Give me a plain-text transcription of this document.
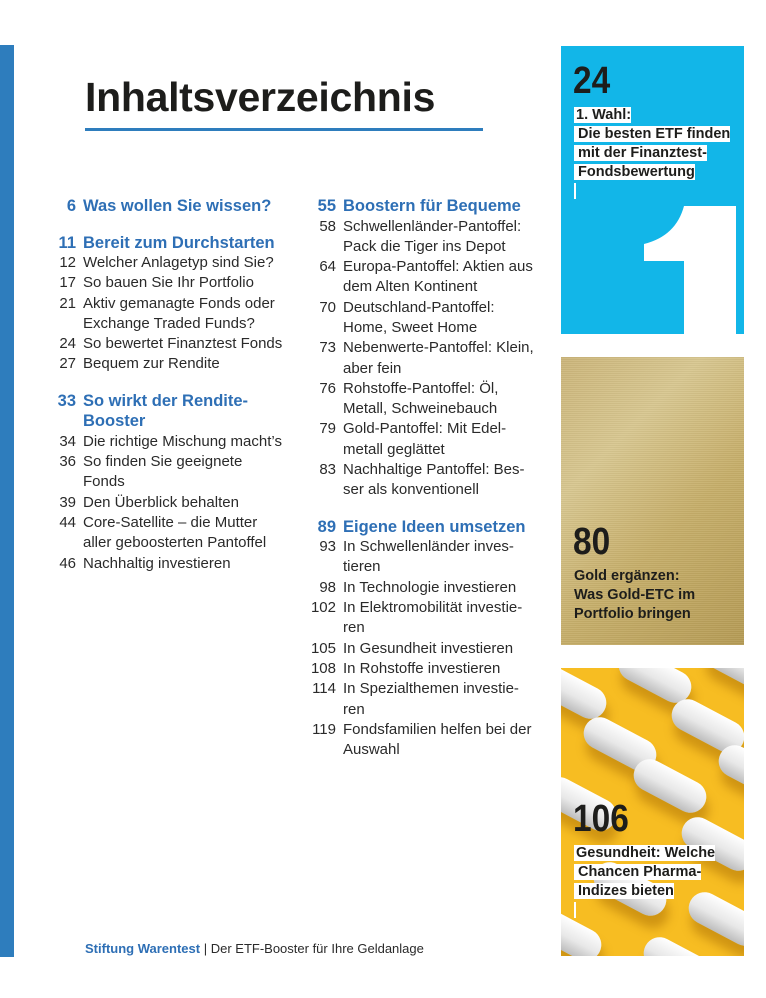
Inhaltsverzeichnis
6 Was wollen Sie wissen?
11 Bereit zum Durchstarten
12 Welcher Anlagetyp sind Sie?
17 So bauen Sie Ihr Portfolio
21 Aktiv gemanagte Fonds oder Exchange Traded Funds?
24 So bewertet Finanztest Fonds
27 Bequem zur Rendite
33 So wirkt der Rendite-Booster
34 Die richtige Mischung macht’s
36 So finden Sie geeignete Fonds
39 Den Überblick behalten
44 Core-Satellite – die Mutter aller geboosterten Pantoffel
46 Nachhaltig investieren
55 Boostern für Bequeme
58 Schwellenländer-Pantoffel: Pack die Tiger ins Depot
64 Europa-Pantoffel: Aktien aus dem Alten Kontinent
70 Deutschland-Pantoffel: Home, Sweet Home
73 Nebenwerte-Pantoffel: Klein, aber fein
76 Rohstoffe-Pantoffel: Öl, Metall, Schweinebauch
79 Gold-Pantoffel: Mit Edel-metall geglättet
83 Nachhaltige Pantoffel: Bes-ser als konventionell
89 Eigene Ideen umsetzen
93 In Schwellenländer inves-tieren
98 In Technologie investieren
102 In Elektromobilität investie-ren
105 In Gesundheit investieren
108 In Rohstoffe investieren
114 In Spezialthemen investie-ren
119 Fondsfamilien helfen bei der Auswahl
24
1. Wahl:Die besten ETF findenmit der Finanztest-Fondsbewertung
80
Gold ergänzen:
Was Gold-ETC im
Portfolio bringen
106
Gesundheit: WelcheChancen Pharma-Indizes bieten
Stiftung Warentest | Der ETF-Booster für Ihre Geldanlage
